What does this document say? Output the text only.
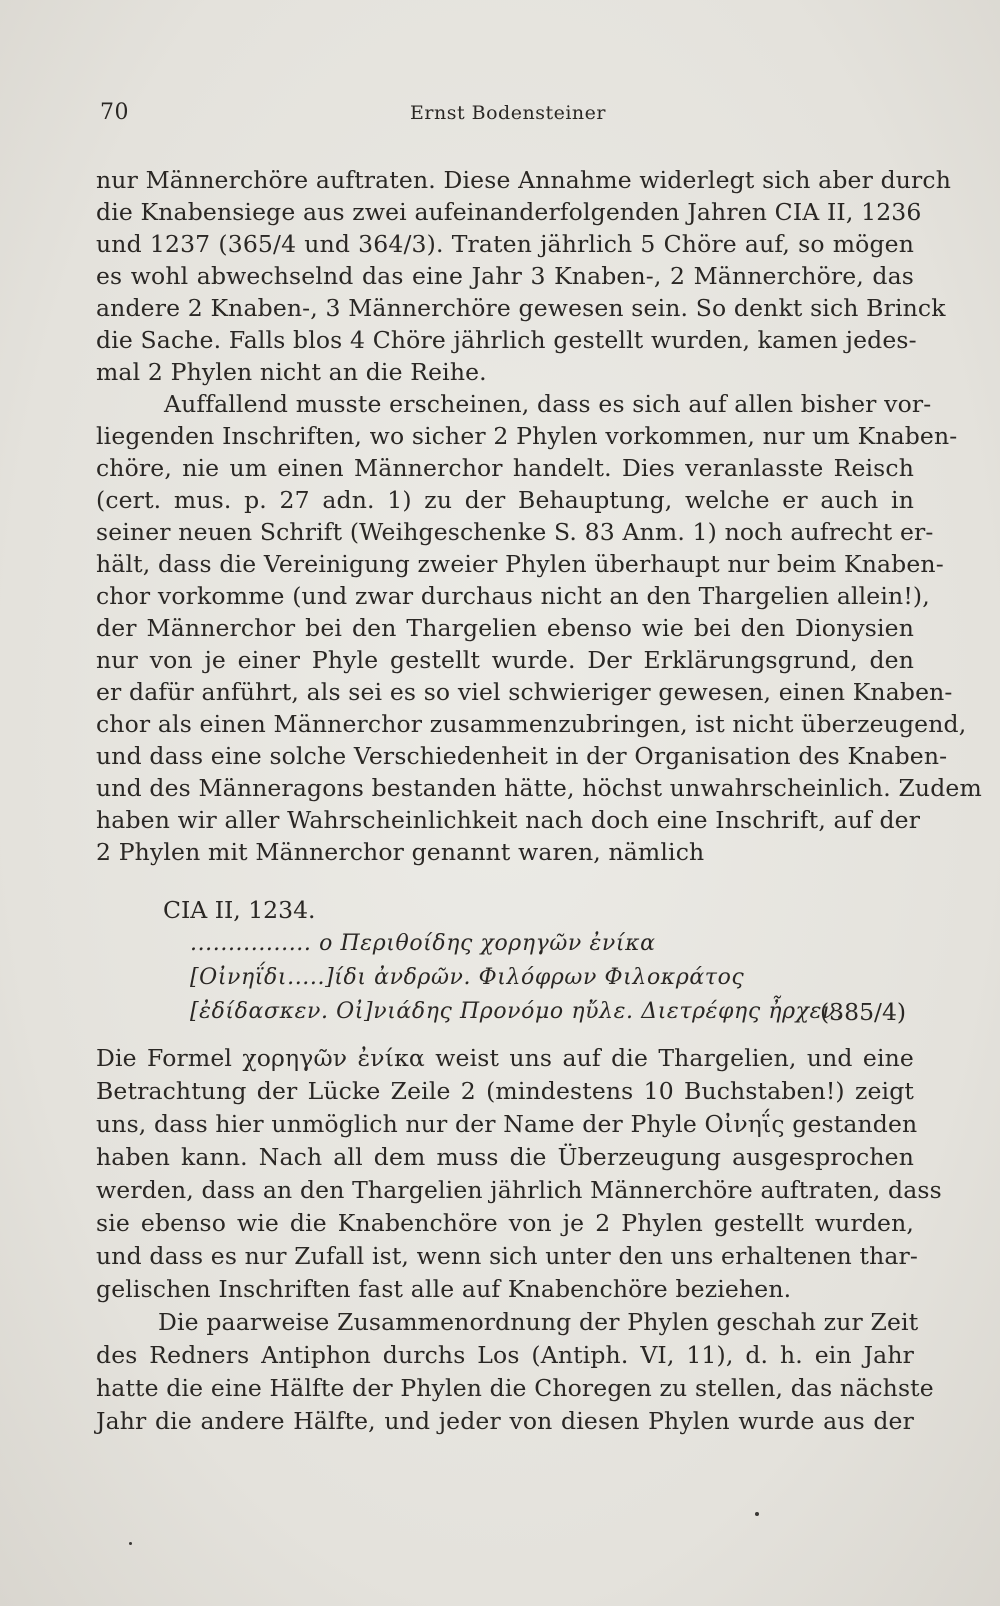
70	Ernst Bodensteiner
nur Männerchöre auftraten. Diese Annahme widerlegt sich aber durch
die Knabensiege aus zwei aufeinanderfolgenden Jahren CIA II, 1236
und 1237 (365/4 und 364/3). Traten jährlich 5 Chöre auf, so mögen
es wohl abwechselnd das eine Jahr 3 Knaben-, 2 Männerchöre, das
andere 2 Knaben-, 3 Männerchöre gewesen sein. So denkt sich Brinck
die Sache. Falls blos 4 Chöre jährlich gestellt wurden, kamen jedes-
mal 2 Phylen nicht an die Reihe.
Auffallend musste erscheinen, dass es sich auf allen bisher vor-
liegenden Inschriften, wo sicher 2 Phylen vorkommen, nur um Knaben-
chöre, nie um einen Männerchor handelt. Dies veranlasste Reisch
(cert. mus. p. 27 adn. 1) zu der Behauptung, welche er auch in
seiner neuen Schrift (Weihgeschenke S. 83 Anm. 1) noch aufrecht er-
hält, dass die Vereinigung zweier Phylen überhaupt nur beim Knaben-
chor vorkomme (und zwar durchaus nicht an den Thargelien allein!),
der Männerchor bei den Thargelien ebenso wie bei den Dionysien
nur von je einer Phyle gestellt wurde. Der Erklärungsgrund, den
er dafür anführt, als sei es so viel schwieriger gewesen, einen Knaben-
chor als einen Männerchor zusammenzubringen, ist nicht überzeugend,
und dass eine solche Verschiedenheit in der Organisation des Knaben-
und des Männeragons bestanden hätte, höchst unwahrscheinlich. Zudem
haben wir aller Wahrscheinlichkeit nach doch eine Inschrift, auf der
2 Phylen mit Männerchor genannt waren, nämlich
CIA II, 1234.
................ ο Περιθοίδης χορηγῶν ἐνίκα
[Οἰνηΐδι.....]ίδι ἀνδρῶν. Φιλόφρων Φιλοκράτος
[ἐδίδασκεν. Οἰ]νιάδης Προνόμο ηὔλε. Διετρέφης ἦρχεν.
(385/4)
Die Formel χορηγῶν ἐνίκα weist uns auf die Thargelien, und eine
Betrachtung der Lücke Zeile 2 (mindestens 10 Buchstaben!) zeigt
uns, dass hier unmöglich nur der Name der Phyle Οἰνηΐς gestanden
haben kann. Nach all dem muss die Überzeugung ausgesprochen
werden, dass an den Thargelien jährlich Männerchöre auftraten, dass
sie ebenso wie die Knabenchöre von je 2 Phylen gestellt wurden,
und dass es nur Zufall ist, wenn sich unter den uns erhaltenen thar-
gelischen Inschriften fast alle auf Knabenchöre beziehen.
Die paarweise Zusammenordnung der Phylen geschah zur Zeit
des Redners Antiphon durchs Los (Antiph. VI, 11), d. h. ein Jahr
hatte die eine Hälfte der Phylen die Choregen zu stellen, das nächste
Jahr die andere Hälfte, und jeder von diesen Phylen wurde aus der
